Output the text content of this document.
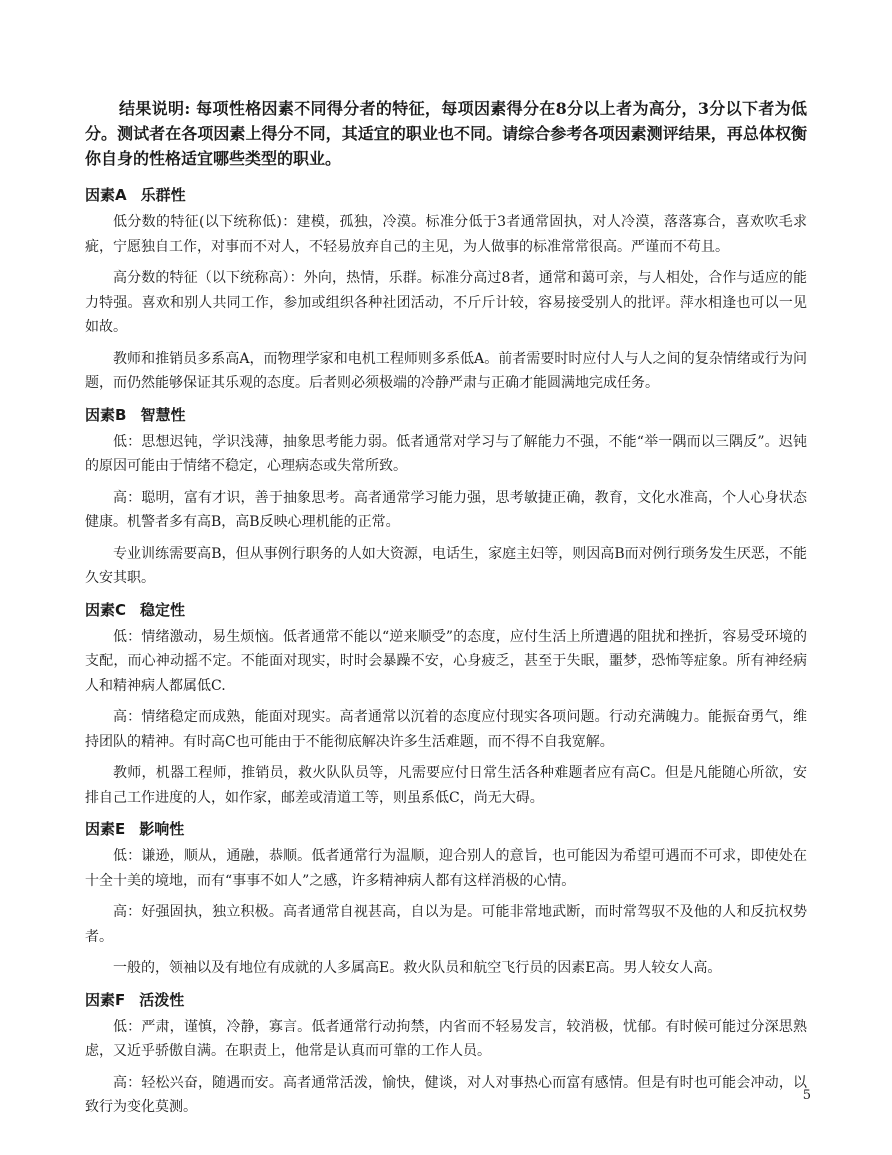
结果说明: 每项性格因素不同得分者的特征，每项因素得分在8分以上者为高分，3分以下者为低分。测试者在各项因素上得分不同，其适宜的职业也不同。请综合参考各项因素测评结果，再总体权衡你自身的性格适宜哪些类型的职业。

因素A 乐群性

低分数的特征(以下统称低)：建模，孤独，冷漠。标准分低于3者通常固执，对人冷漠，落落寡合，喜欢吹毛求疵，宁愿独自工作，对事而不对人，不轻易放弃自己的主见，为人做事的标准常常很高。严谨而不苟且。

高分数的特征（以下统称高）：外向，热情，乐群。标准分高过8者，通常和蔼可亲，与人相处，合作与适应的能力特强。喜欢和别人共同工作，参加或组织各种社团活动，不斤斤计较，容易接受别人的批评。萍水相逢也可以一见如故。

教师和推销员多系高A，而物理学家和电机工程师则多系低A。前者需要时时应付人与人之间的复杂情绪或行为问题，而仍然能够保证其乐观的态度。后者则必须极端的冷静严肃与正确才能圆满地完成任务。

因素B 智慧性

低：思想迟钝，学识浅薄，抽象思考能力弱。低者通常对学习与了解能力不强，不能“举一隅而以三隅反”。迟钝的原因可能由于情绪不稳定，心理病态或失常所致。

高：聪明，富有才识，善于抽象思考。高者通常学习能力强，思考敏捷正确，教育，文化水准高，个人心身状态健康。机警者多有高B，高B反映心理机能的正常。

专业训练需要高B，但从事例行职务的人如大资源，电话生，家庭主妇等，则因高B而对例行琐务发生厌恶，不能久安其职。

因素C 稳定性

低：情绪激动，易生烦恼。低者通常不能以“逆来顺受”的态度，应付生活上所遭遇的阻扰和挫折，容易受环境的支配，而心神动摇不定。不能面对现实，时时会暴躁不安，心身疲乏，甚至于失眠，噩梦，恐怖等症象。所有神经病人和精神病人都属低C.

高：情绪稳定而成熟，能面对现实。高者通常以沉着的态度应付现实各项问题。行动充满魄力。能振奋勇气，维持团队的精神。有时高C也可能由于不能彻底解决许多生活难题，而不得不自我宽解。

教师，机器工程师，推销员，救火队队员等，凡需要应付日常生活各种难题者应有高C。但是凡能随心所欲，安排自己工作进度的人，如作家，邮差或清道工等，则虽系低C，尚无大碍。

因素E 影响性

低：谦逊，顺从，通融，恭顺。低者通常行为温顺，迎合别人的意旨，也可能因为希望可遇而不可求，即使处在十全十美的境地，而有“事事不如人”之感，许多精神病人都有这样消极的心情。

高：好强固执，独立积极。高者通常自视甚高，自以为是。可能非常地武断，而时常驾驭不及他的人和反抗权势者。

一般的，领袖以及有地位有成就的人多属高E。救火队员和航空飞行员的因素E高。男人较女人高。

因素F 活泼性

低：严肃，谨慎，冷静，寡言。低者通常行动拘禁，内省而不轻易发言，较消极，忧郁。有时候可能过分深思熟虑，又近乎骄傲自满。在职责上，他常是认真而可靠的工作人员。

高：轻松兴奋，随遇而安。高者通常活泼，愉快，健谈，对人对事热心而富有感情。但是有时也可能会冲动，以致行为变化莫测。

5
